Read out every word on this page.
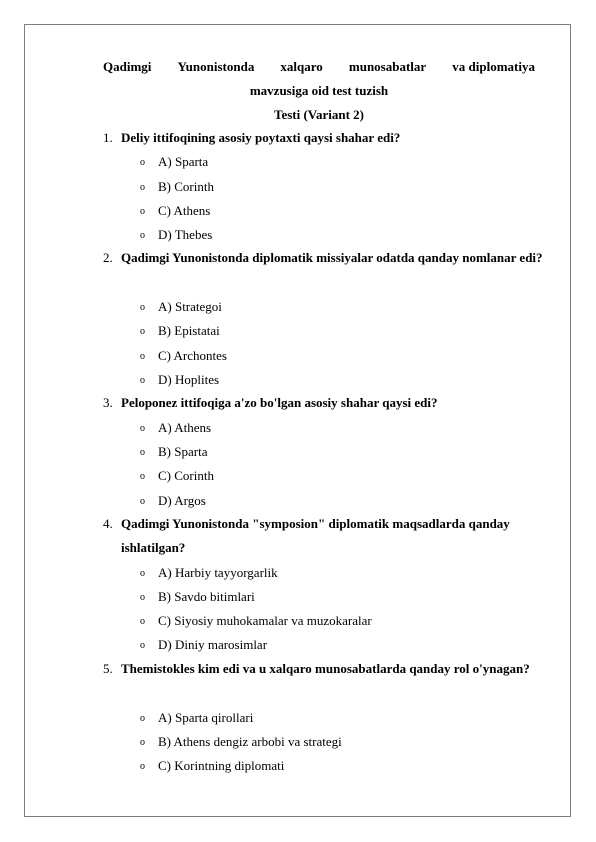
Qadimgi Yunonistonda xalqaro munosabatlar va diplomatiya
mavzusiga oid test tuzish
Testi (Variant 2)
1. Deliy ittifoqining asosiy poytaxti qaysi shahar edi?
o A) Sparta
o B) Corinth
o C) Athens
o D) Thebes
2. Qadimgi Yunonistonda diplomatik missiyalar odatda qanday nomlanar edi?
o A) Strategoi
o B) Epistatai
o C) Archontes
o D) Hoplites
3. Peloponez ittifoqiga a'zo bo'lgan asosiy shahar qaysi edi?
o A) Athens
o B) Sparta
o C) Corinth
o D) Argos
4. Qadimgi Yunonistonda "symposion" diplomatik maqsadlarda qanday ishlatilgan?
o A) Harbiy tayyorgarlik
o B) Savdo bitimlari
o C) Siyosiy muhokamalar va muzokaralar
o D) Diniy marosimlar
5. Themistokles kim edi va u xalqaro munosabatlarda qanday rol o'ynagan?
o A) Sparta qirollari
o B) Athens dengiz arbobi va strategi
o C) Korintning diplomati
